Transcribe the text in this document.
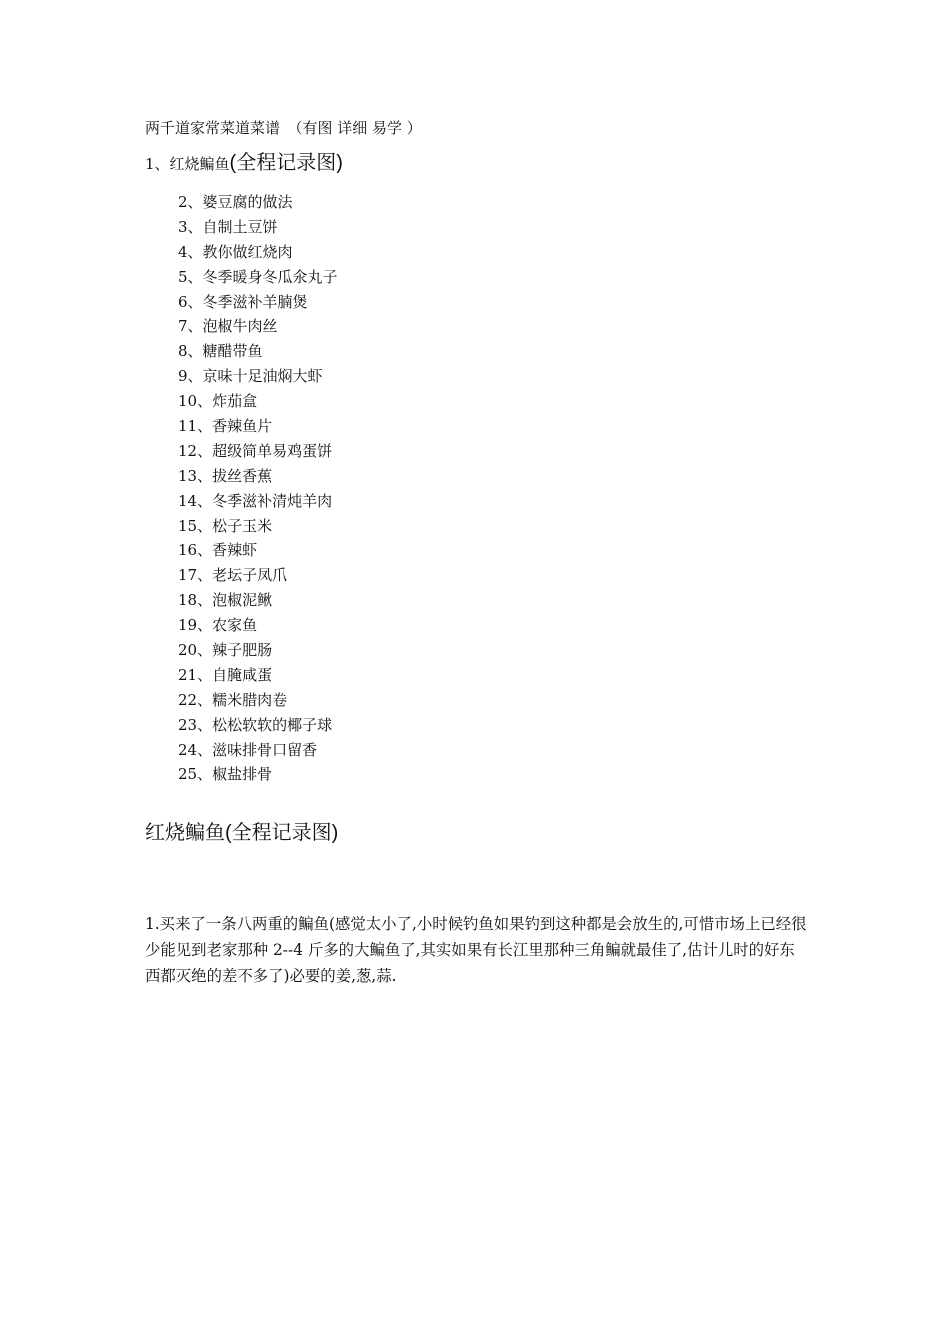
两千道家常菜道菜谱　（有图 详细 易学 ）
1、红烧鳊鱼(全程记录图)
2、婆豆腐的做法
3、自制土豆饼
4、教你做红烧肉
5、冬季暖身冬瓜氽丸子
6、冬季滋补羊腩煲
7、泡椒牛肉丝
8、糖醋带鱼
9、京味十足油焖大虾
10、炸茄盒
11、香辣鱼片
12、超级简单易鸡蛋饼
13、拔丝香蕉
14、冬季滋补清炖羊肉
15、松子玉米
16、香辣虾
17、老坛子凤爪
18、泡椒泥鳅
19、农家鱼
20、辣子肥肠
21、自腌咸蛋
22、糯米腊肉卷
23、松松软软的椰子球
24、滋味排骨口留香
25、椒盐排骨
红烧鳊鱼(全程记录图)

1.买来了一条八两重的鳊鱼(感觉太小了,小时候钓鱼如果钓到这种都是会放生的,可惜市场上已经很少能见到老家那种 2--4 斤多的大鳊鱼了,其实如果有长江里那种三角鳊就最佳了,估计儿时的好东西都灭绝的差不多了)必要的姜,葱,蒜.
